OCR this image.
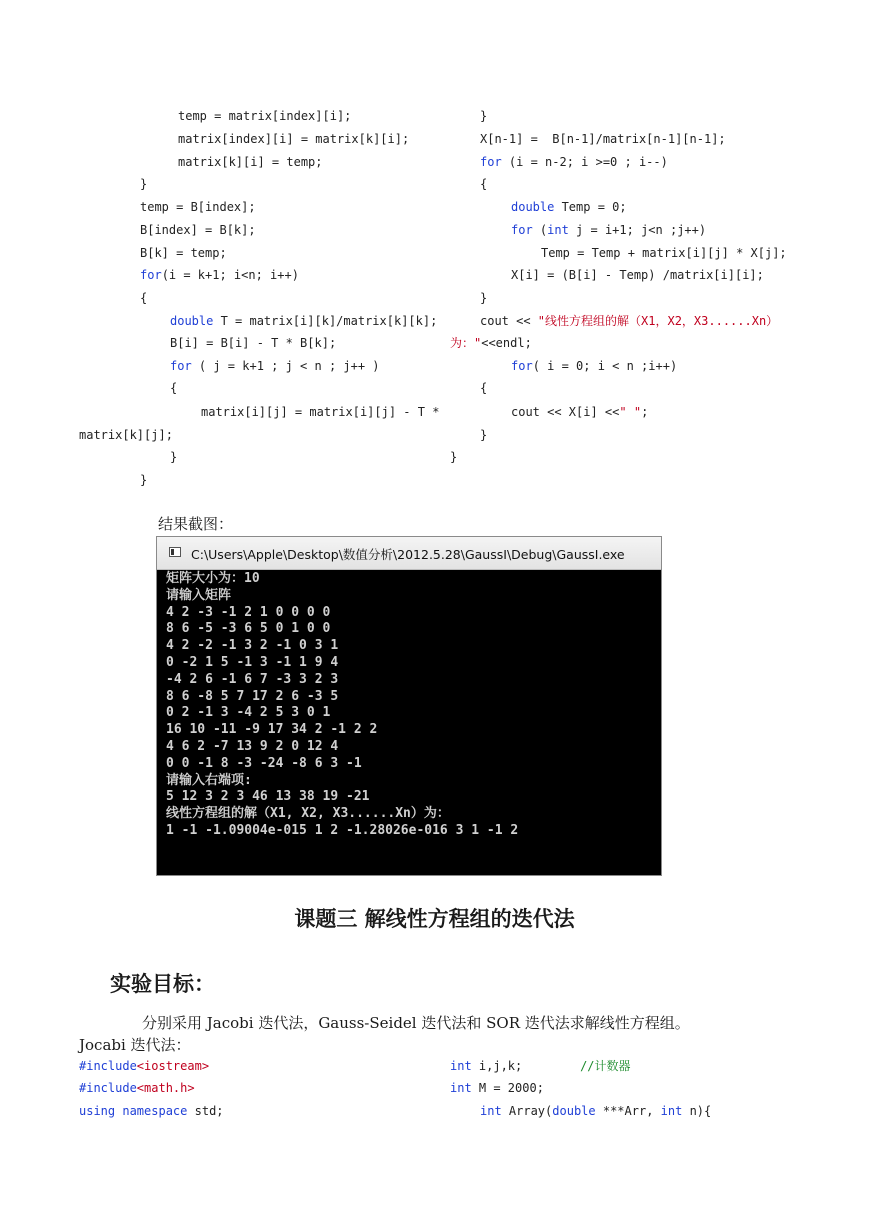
temp = matrix[index][i];
matrix[index][i] = matrix[k][i];
matrix[k][i] = temp;
}
temp = B[index];
B[index] = B[k];
B[k] = temp;
for(i = k+1; i<n; i++)
{
double T = matrix[i][k]/matrix[k][k];
B[i] = B[i] - T * B[k];
for ( j = k+1 ; j < n ; j++ )
{
matrix[i][j] = matrix[i][j] - T *
matrix[k][j];
}
}
}
X[n-1] =  B[n-1]/matrix[n-1][n-1];
for (i = n-2; i >=0 ; i--)
{
double Temp = 0;
for (int j = i+1; j<n ;j++)
Temp = Temp + matrix[i][j] * X[j];
X[i] = (B[i] - Temp) /matrix[i][i];
}
cout << "线性方程组的解（X1，X2，X3......Xn）
为："<<endl;
for( i = 0; i < n ;i++)
{
cout << X[i] <<" ";
}
}
结果截图：
C:\Users\Apple\Desktop\数值分析\2012.5.28\GaussI\Debug\GaussI.exe
矩阵大小为：10
请输入矩阵
4 2 -3 -1 2 1 0 0 0 0
8 6 -5 -3 6 5 0 1 0 0
4 2 -2 -1 3 2 -1 0 3 1
0 -2 1 5 -1 3 -1 1 9 4
-4 2 6 -1 6 7 -3 3 2 3
8 6 -8 5 7 17 2 6 -3 5
0 2 -1 3 -4 2 5 3 0 1
16 10 -11 -9 17 34 2 -1 2 2
4 6 2 -7 13 9 2 0 12 4
0 0 -1 8 -3 -24 -8 6 3 -1
请输入右端项:
5 12 3 2 3 46 13 38 19 -21
线性方程组的解（X1, X2, X3......Xn）为：
1 -1 -1.09004e-015 1 2 -1.28026e-016 3 1 -1 2
课题三 解线性方程组的迭代法
实验目标：
分别采用 Jacobi 迭代法，Gauss-Seidel 迭代法和 SOR 迭代法求解线性方程组。
Jocabi 迭代法：
#include<iostream>
#include<math.h>
using namespace std;
int i,j,k;        //计数器
int M = 2000;
int Array(double ***Arr, int n){
